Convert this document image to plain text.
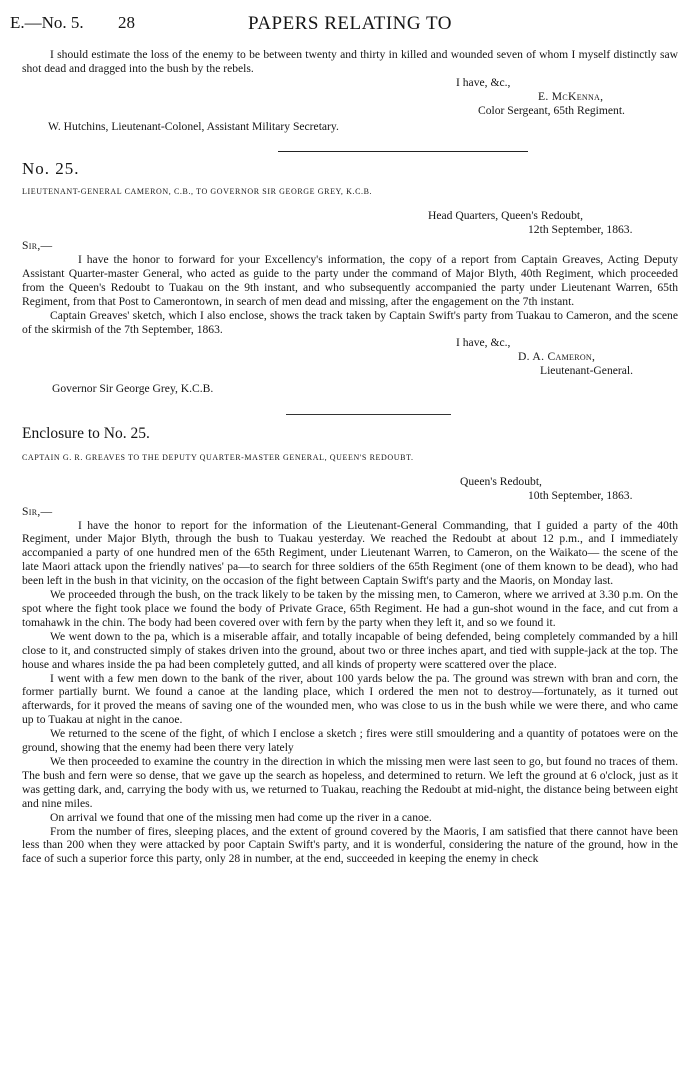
E.—No. 5. 28	PAPERS RELATING TO

I should estimate the loss of the enemy to be between twenty and thirty in killed and wounded seven of whom I myself distinctly saw shot dead and dragged into the bush by the rebels.

I have, &c.,

E. McKenna,

Color Sergeant, 65th Regiment.

W. Hutchins, Lieutenant-Colonel, Assistant Military Secretary.

No. 25.

LIEUTENANT-GENERAL CAMERON, C.B., TO GOVERNOR SIR GEORGE GREY, K.C.B.

Head Quarters, Queen's Redoubt,

12th September, 1863.

Sir,—

I have the honor to forward for your Excellency's information, the copy of a report from Captain Greaves, Acting Deputy Assistant Quarter-master General, who acted as guide to the party under the command of Major Blyth, 40th Regiment, which proceeded from the Queen's Redoubt to Tuakau on the 9th instant, and who subsequently accompanied the party under Lieutenant Warren, 65th Regiment, from that Post to Camerontown, in search of men dead and missing, after the engagement on the 7th instant.

Captain Greaves' sketch, which I also enclose, shows the track taken by Captain Swift's party from Tuakau to Cameron, and the scene of the skirmish of the 7th September, 1863.

I have, &c.,

D. A. Cameron,

Lieutenant-General.

Governor Sir George Grey, K.C.B.

Enclosure to No. 25.

CAPTAIN G. R. GREAVES TO THE DEPUTY QUARTER-MASTER GENERAL, QUEEN'S REDOUBT.

Queen's Redoubt,

10th September, 1863.

Sir,—

I have the honor to report for the information of the Lieutenant-General Commanding, that I guided a party of the 40th Regiment, under Major Blyth, through the bush to Tuakau yesterday. We reached the Redoubt at about 12 p.m., and I immediately accompanied a party of one hundred men of the 65th Regiment, under Lieutenant Warren, to Cameron, on the Waikato— the scene of the late Maori attack upon the friendly natives' pa—to search for three soldiers of the 65th Regiment (one of them known to be dead), who had been left in the bush in that vicinity, on the occasion of the fight between Captain Swift's party and the Maoris, on Monday last.

We proceeded through the bush, on the track likely to be taken by the missing men, to Cameron, where we arrived at 3.30 p.m. On the spot where the fight took place we found the body of Private Grace, 65th Regiment. He had a gun-shot wound in the face, and cut from a tomahawk in the chin. The body had been covered over with fern by the party when they left it, and so we found it.

We went down to the pa, which is a miserable affair, and totally incapable of being defended, being completely commanded by a hill close to it, and constructed simply of stakes driven into the ground, about two or three inches apart, and tied with supple-jack at the top. The house and whares inside the pa had been completely gutted, and all kinds of property were scattered over the place.

I went with a few men down to the bank of the river, about 100 yards below the pa. The ground was strewn with bran and corn, the former partially burnt. We found a canoe at the landing place, which I ordered the men not to destroy—fortunately, as it turned out afterwards, for it proved the means of saving one of the wounded men, who was close to us in the bush while we were there, and who came up to Tuakau at night in the canoe.

We returned to the scene of the fight, of which I enclose a sketch ; fires were still smouldering and a quantity of potatoes were on the ground, showing that the enemy had been there very lately

We then proceeded to examine the country in the direction in which the missing men were last seen to go, but found no traces of them. The bush and fern were so dense, that we gave up the search as hopeless, and determined to return. We left the ground at 6 o'clock, just as it was getting dark, and, carrying the body with us, we returned to Tuakau, reaching the Redoubt at mid-night, the distance being between eight and nine miles.

On arrival we found that one of the missing men had come up the river in a canoe.

From the number of fires, sleeping places, and the extent of ground covered by the Maoris, I am satisfied that there cannot have been less than 200 when they were attacked by poor Captain Swift's party, and it is wonderful, considering the nature of the ground, how in the face of such a superior force this party, only 28 in number, at the end, succeeded in keeping the enemy in check
